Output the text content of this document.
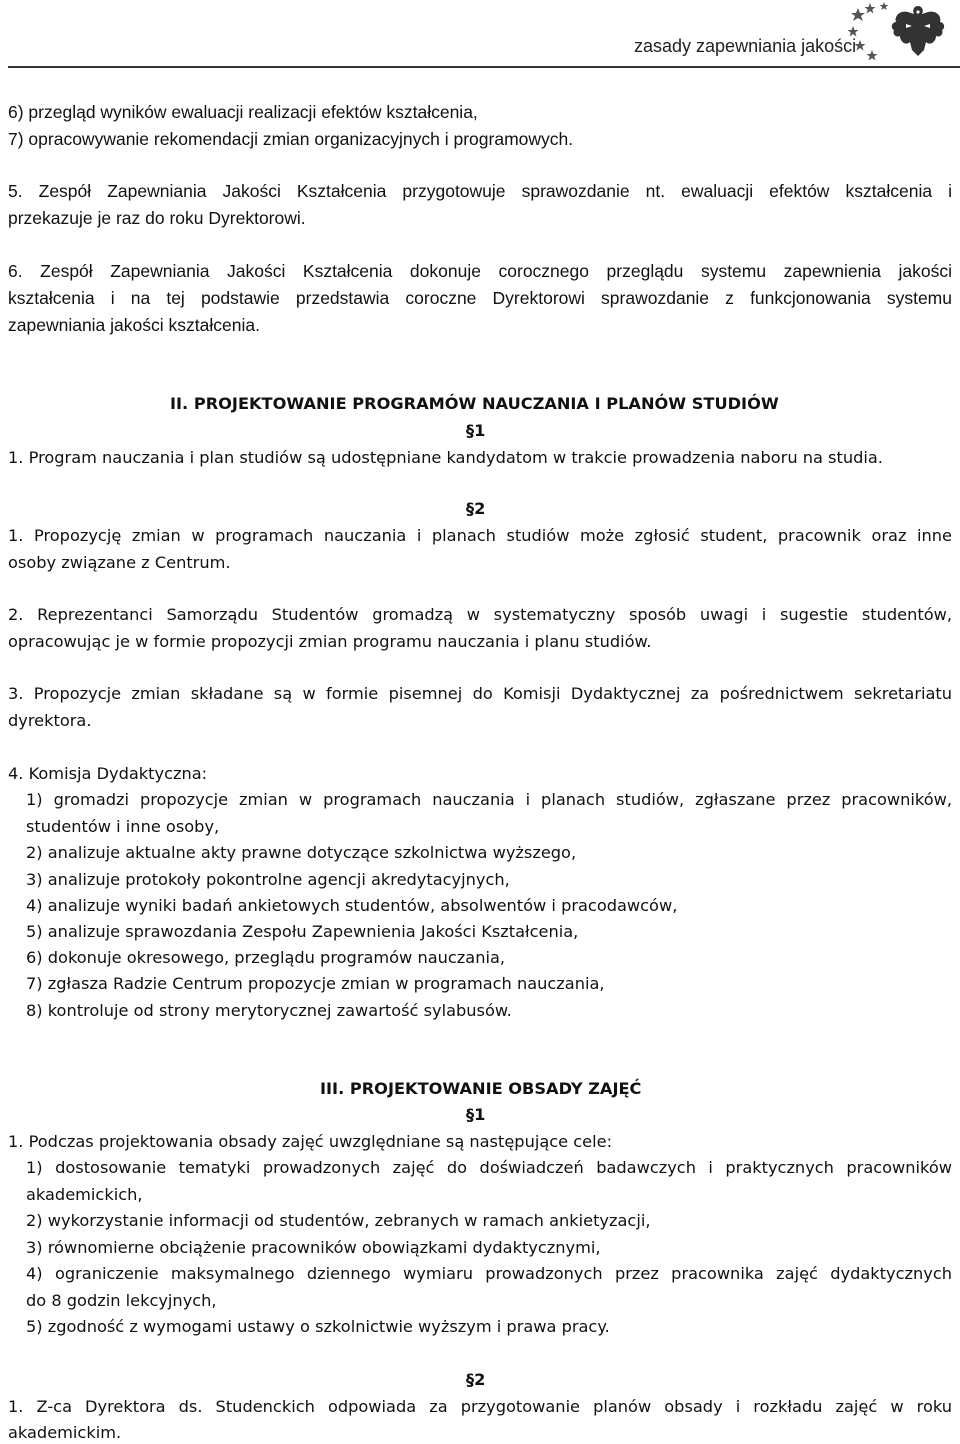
zasady zapewniania jakości
6) przegląd wyników ewaluacji realizacji efektów kształcenia,
7) opracowywanie rekomendacji zmian organizacyjnych i programowych.
5. Zespół Zapewniania Jakości Kształcenia przygotowuje sprawozdanie nt. ewaluacji efektów kształcenia i
przekazuje je raz do roku Dyrektorowi.
6. Zespół Zapewniania Jakości Kształcenia dokonuje corocznego przeglądu systemu zapewnienia jakości
kształcenia i na tej podstawie przedstawia coroczne Dyrektorowi sprawozdanie z funkcjonowania systemu
zapewniania jakości kształcenia.
II. PROJEKTOWANIE PROGRAMÓW NAUCZANIA I PLANÓW STUDIÓW
§1
1. Program nauczania i plan studiów są udostępniane kandydatom w trakcie prowadzenia naboru na studia.
§2
1. Propozycję zmian w programach nauczania i planach studiów może zgłosić student, pracownik oraz inne
osoby związane z Centrum.
2. Reprezentanci Samorządu Studentów gromadzą w systematyczny sposób uwagi i sugestie studentów,
opracowując je w formie propozycji zmian programu nauczania i planu studiów.
3. Propozycje zmian składane są w formie pisemnej do Komisji Dydaktycznej za pośrednictwem sekretariatu
dyrektora.
4. Komisja Dydaktyczna:
1) gromadzi propozycje zmian w programach nauczania i planach studiów, zgłaszane przez pracowników,
studentów i inne osoby,
2) analizuje aktualne akty prawne dotyczące szkolnictwa wyższego,
3) analizuje protokoły pokontrolne agencji akredytacyjnych,
4) analizuje wyniki badań ankietowych studentów, absolwentów i pracodawców,
5) analizuje sprawozdania Zespołu Zapewnienia Jakości Kształcenia,
6) dokonuje okresowego, przeglądu programów nauczania,
7) zgłasza Radzie Centrum propozycje zmian w programach nauczania,
8) kontroluje od strony merytorycznej zawartość sylabusów.
III. PROJEKTOWANIE OBSADY ZAJĘĆ
§1
1. Podczas projektowania obsady zajęć uwzględniane są następujące cele:
1) dostosowanie tematyki prowadzonych zajęć do doświadczeń badawczych i praktycznych pracowników
akademickich,
2) wykorzystanie informacji od studentów, zebranych w ramach ankietyzacji,
3) równomierne obciążenie pracowników obowiązkami dydaktycznymi,
4) ograniczenie maksymalnego dziennego wymiaru prowadzonych przez pracownika zajęć dydaktycznych
do 8 godzin lekcyjnych,
5) zgodność z wymogami ustawy o szkolnictwie wyższym i prawa pracy.
§2
1. Z-ca Dyrektora ds. Studenckich odpowiada za przygotowanie planów obsady i rozkładu zajęć w roku
akademickim.
